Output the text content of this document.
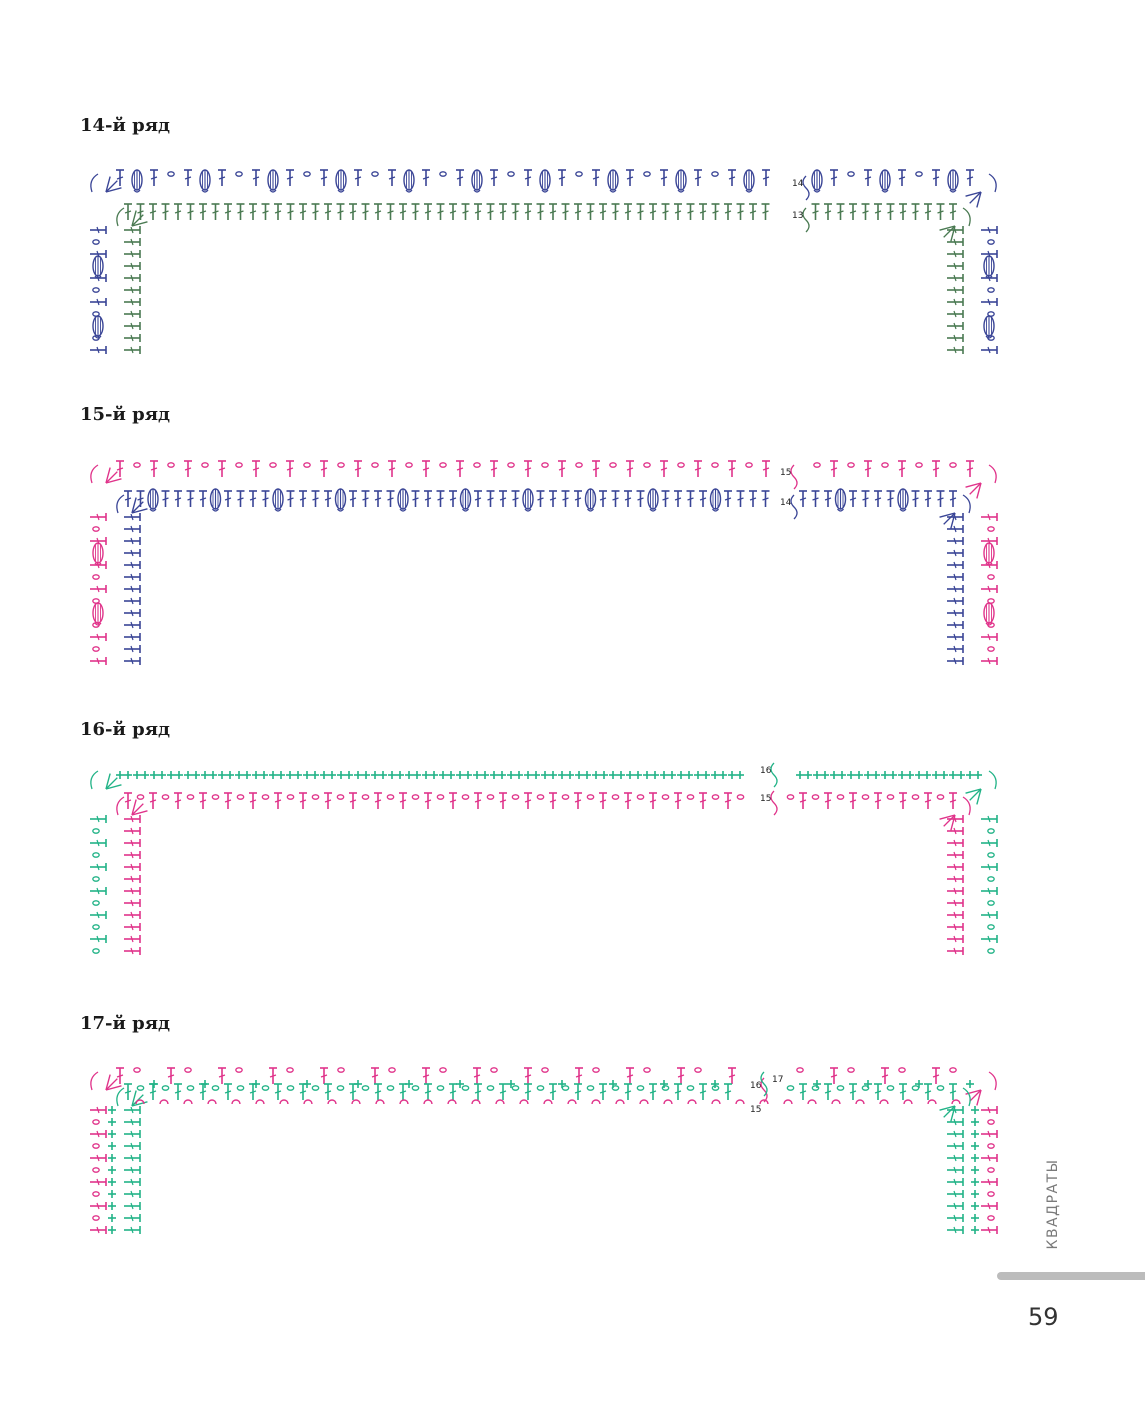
14-й ряд
14
13
15-й ряд
15
14
16-й ряд
16
15
17-й ряд
16
17
15
КВАДРАТЫ
59
